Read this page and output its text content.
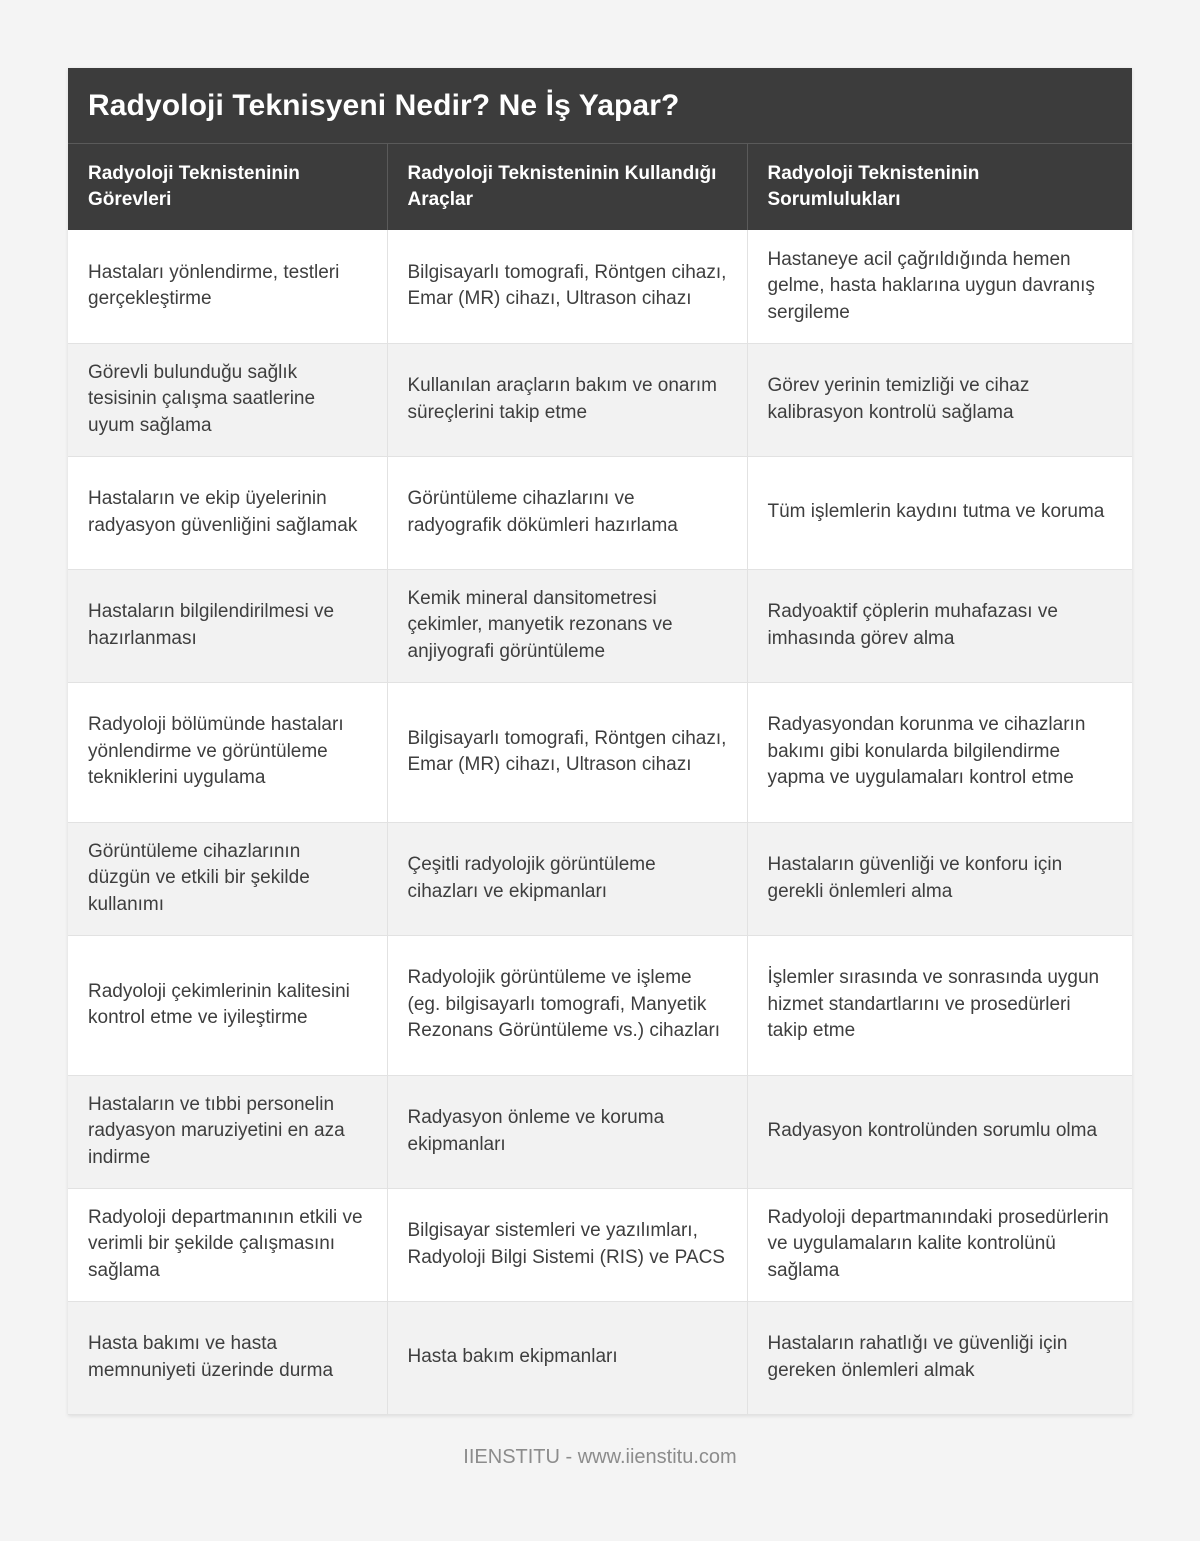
Radyoloji Teknisyeni Nedir? Ne İş Yapar?
Radyoloji Teknisteninin Görevleri	Radyoloji Teknisteninin Kullandığı Araçlar	Radyoloji Teknisteninin Sorumlulukları
Hastaları yönlendirme, testleri gerçekleştirme	Bilgisayarlı tomografi, Röntgen cihazı, Emar (MR) cihazı, Ultrason cihazı	Hastaneye acil çağrıldığında hemen gelme, hasta haklarına uygun davranış sergileme
Görevli bulunduğu sağlık tesisinin çalışma saatlerine uyum sağlama	Kullanılan araçların bakım ve onarım süreçlerini takip etme	Görev yerinin temizliği ve cihaz kalibrasyon kontrolü sağlama
Hastaların ve ekip üyelerinin radyasyon güvenliğini sağlamak	Görüntüleme cihazlarını ve radyografik dökümleri hazırlama	Tüm işlemlerin kaydını tutma ve koruma
Hastaların bilgilendirilmesi ve hazırlanması	Kemik mineral dansitometresi çekimler, manyetik rezonans ve anjiyografi görüntüleme	Radyoaktif çöplerin muhafazası ve imhasında görev alma
Radyoloji bölümünde hastaları yönlendirme ve görüntüleme tekniklerini uygulama	Bilgisayarlı tomografi, Röntgen cihazı, Emar (MR) cihazı, Ultrason cihazı	Radyasyondan korunma ve cihazların bakımı gibi konularda bilgilendirme yapma ve uygulamaları kontrol etme
Görüntüleme cihazlarının düzgün ve etkili bir şekilde kullanımı	Çeşitli radyolojik görüntüleme cihazları ve ekipmanları	Hastaların güvenliği ve konforu için gerekli önlemleri alma
Radyoloji çekimlerinin kalitesini kontrol etme ve iyileştirme	Radyolojik görüntüleme ve işleme (eg. bilgisayarlı tomografi, Manyetik Rezonans Görüntüleme vs.) cihazları	İşlemler sırasında ve sonrasında uygun hizmet standartlarını ve prosedürleri takip etme
Hastaların ve tıbbi personelin radyasyon maruziyetini en aza indirme	Radyasyon önleme ve koruma ekipmanları	Radyasyon kontrolünden sorumlu olma
Radyoloji departmanının etkili ve verimli bir şekilde çalışmasını sağlama	Bilgisayar sistemleri ve yazılımları, Radyoloji Bilgi Sistemi (RIS) ve PACS	Radyoloji departmanındaki prosedürlerin ve uygulamaların kalite kontrolünü sağlama
Hasta bakımı ve hasta memnuniyeti üzerinde durma	Hasta bakım ekipmanları	Hastaların rahatlığı ve güvenliği için gereken önlemleri almak
IIENSTITU - www.iienstitu.com
